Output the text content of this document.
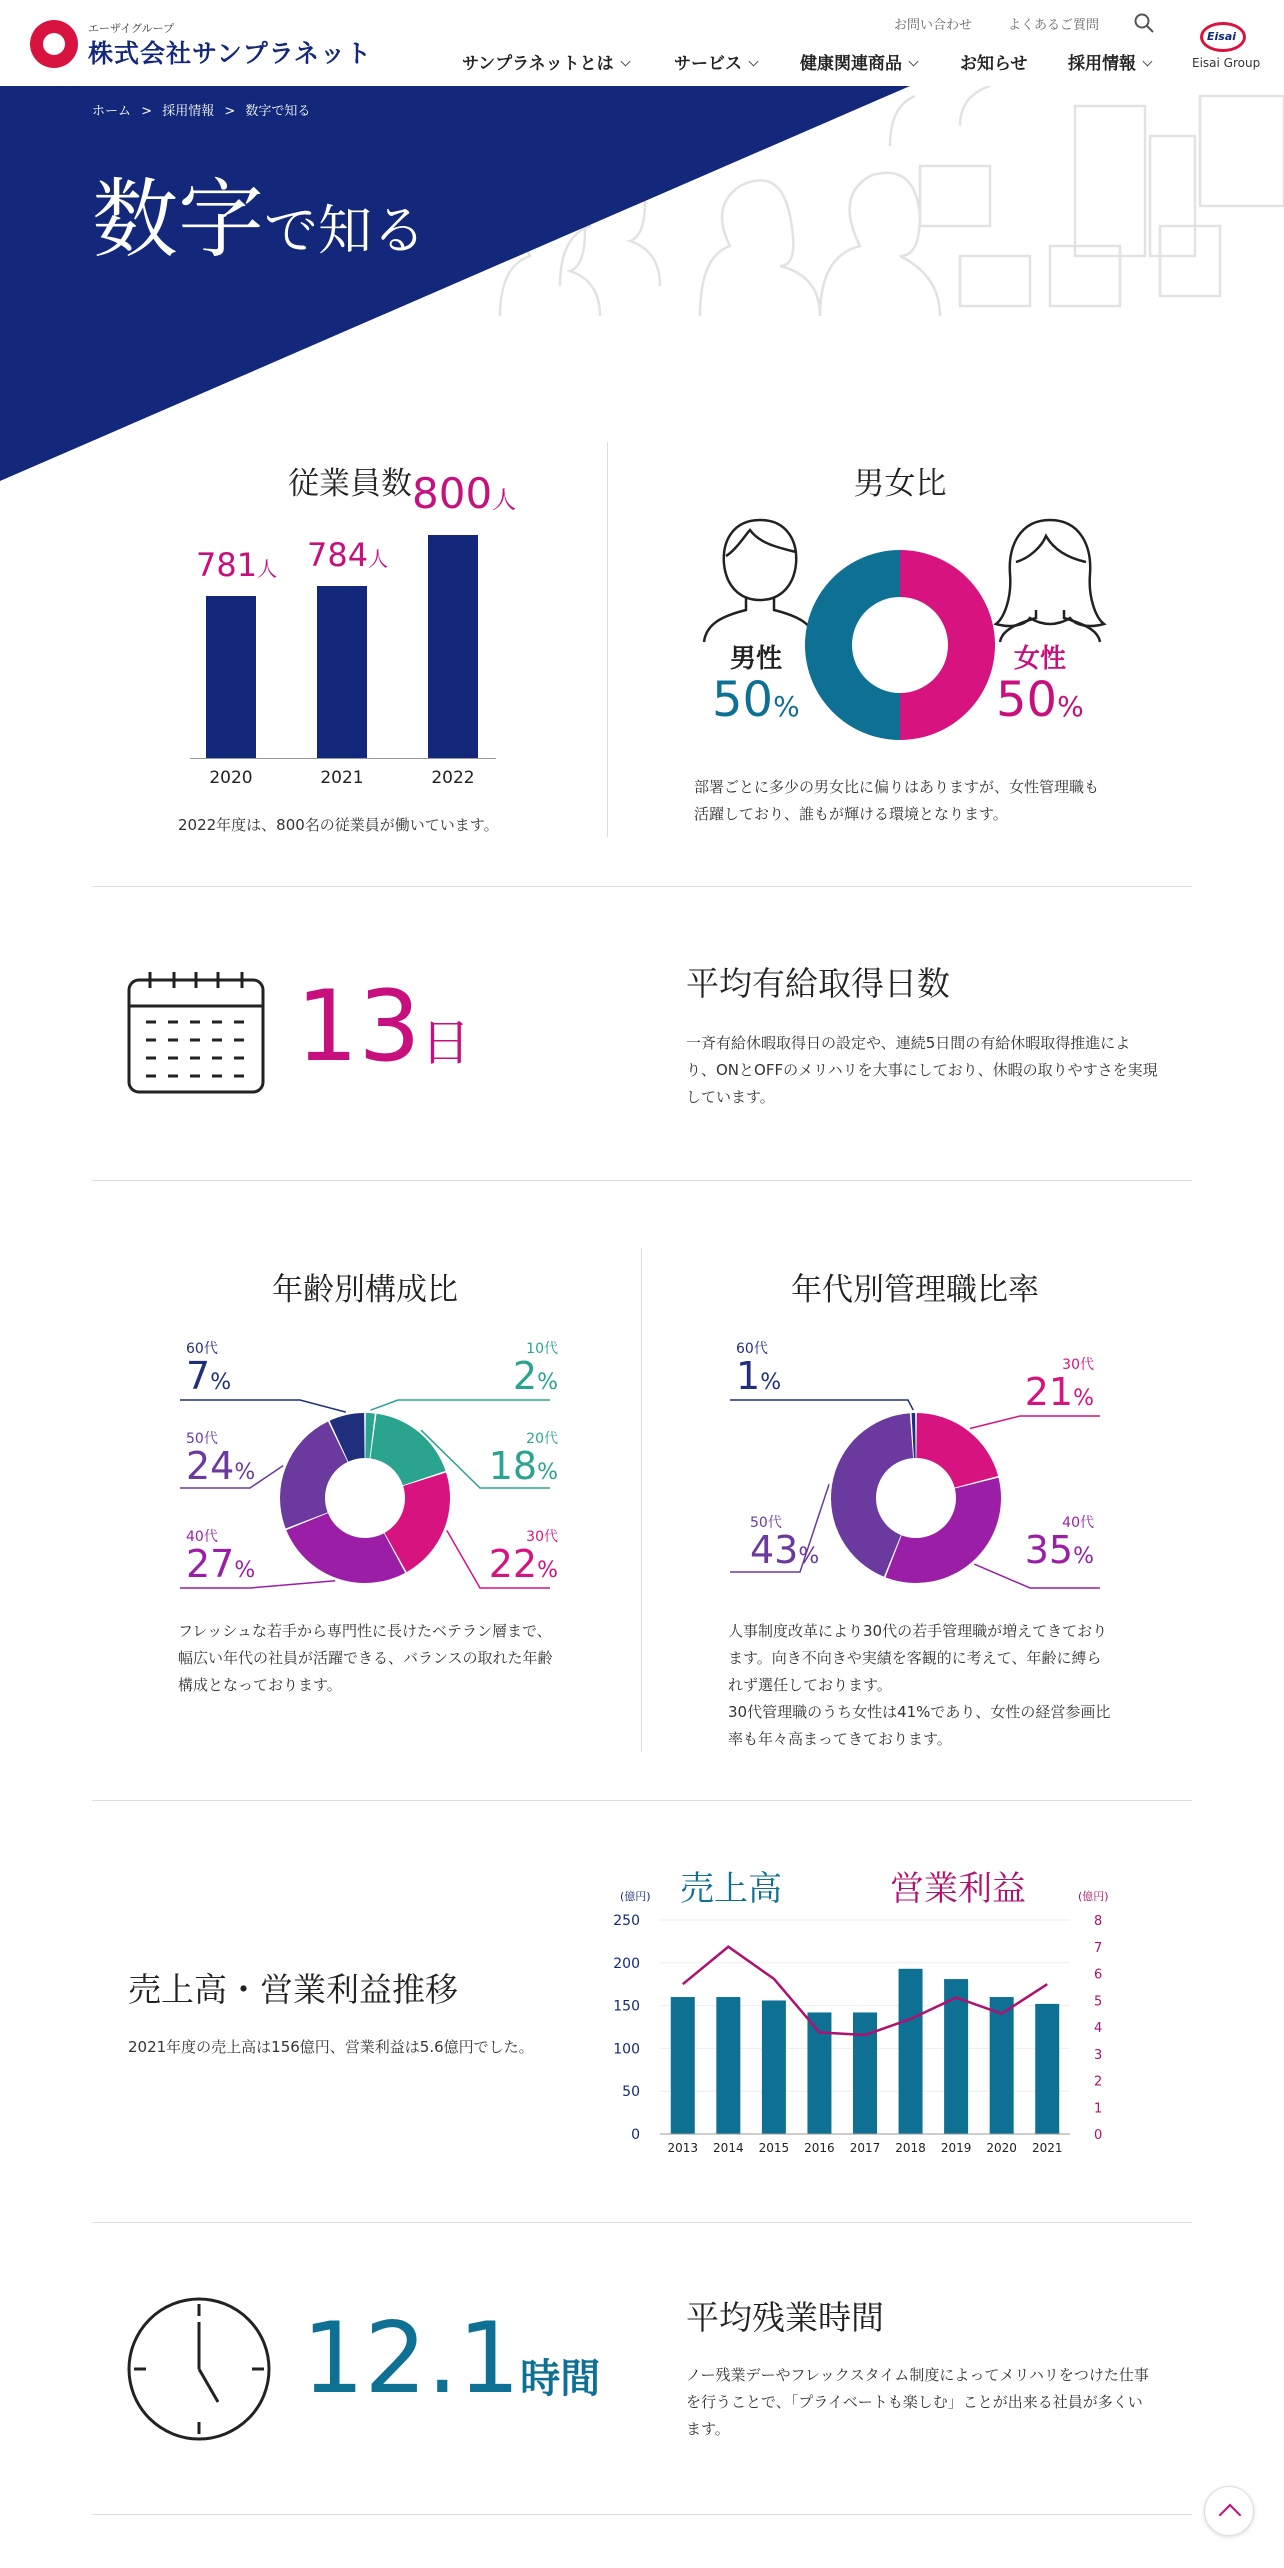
エーザイグループ
株式会社サンプラネット
お問い合わせ	よくあるご質問
サンプラネットとは	サービス	健康関連商品	お知らせ 採用情報
Eisai
Eisai Group
ホーム > 採用情報 > 数字で知る
数字で知る
従業員数
781人
2020
784人
2021
800人
2022
2022年度は、800名の従業員が働いています。
男女比
男性
50%
女性
50%
部署ごとに多少の男女比に偏りはありますが、女性管理職も
活躍しており、誰もが輝ける環境となります。
13日
平均有給取得日数
一斉有給休暇取得日の設定や、連続5日間の有給休暇取得推進によ
り、ONとOFFのメリハリを大事にしており、休暇の取りやすさを実現
しています。
年齢別構成比
10代
2%
20代
18%
30代
22%
40代
27%
50代
24%
60代
7%
フレッシュな若手から専門性に長けたベテラン層まで、
幅広い年代の社員が活躍できる、バランスの取れた年齢
構成となっております。
年代別管理職比率
30代
21%
40代
35%
50代
43%
60代
1%
人事制度改革により30代の若手管理職が増えてきており
ます。向き不向きや実績を客観的に考えて、年齢に縛ら
れず選任しております。
30代管理職のうち女性は41%であり、女性の経営参画比
率も年々高まってきております。
売上高・営業利益推移
2021年度の売上高は156億円、営業利益は5.6億円でした。
(億円)	(億円)
売上高	営業利益
0
50
100
150
200
250
0
1
2
3
4
5
6
7
8
2013 2014 2015 2016 2017 2018 2019 2020 2021
12.1時間
平均残業時間
ノー残業デーやフレックスタイム制度によってメリハリをつけた仕事
を行うことで、「プライベートも楽しむ」ことが出来る社員が多くい
ます。
